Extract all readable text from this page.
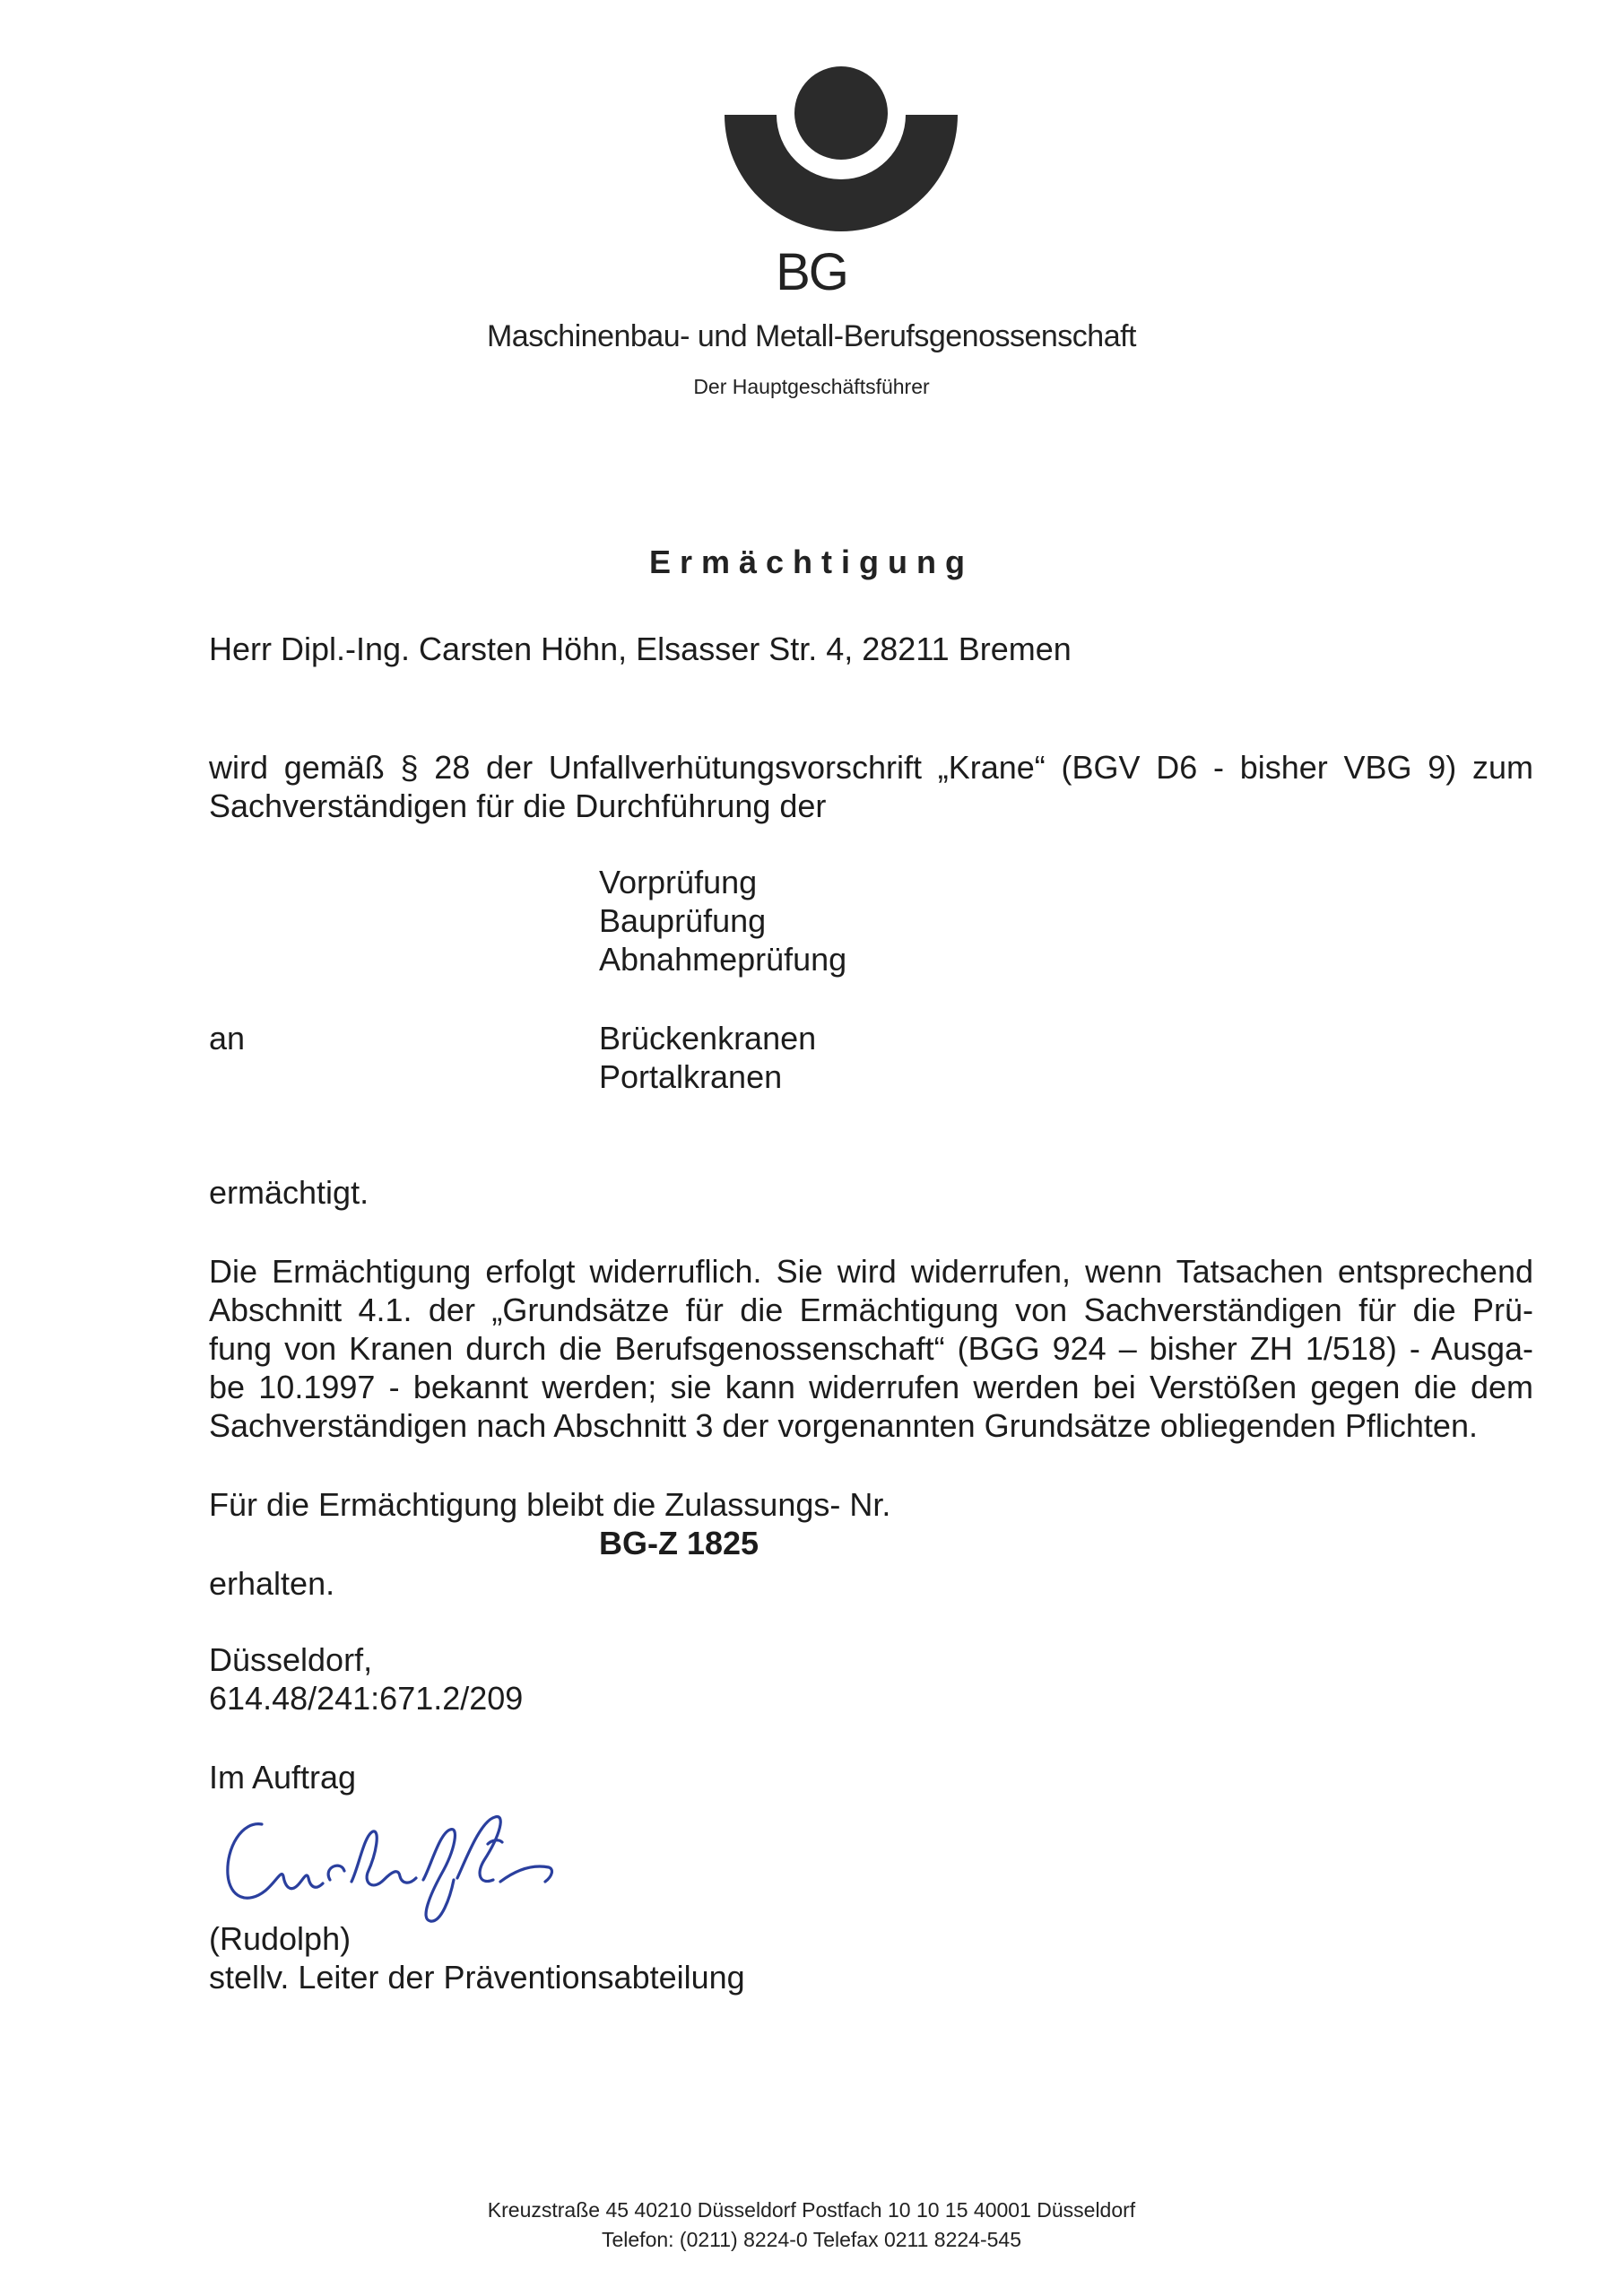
BG
Maschinenbau- und Metall-Berufsgenossenschaft
Der Hauptgeschäftsführer
Ermächtigung
Herr Dipl.-Ing. Carsten Höhn, Elsasser Str. 4, 28211 Bremen
wird gemäß § 28 der Unfallverhütungsvorschrift „Krane“ (BGV D6 - bisher VBG 9) zum
Sachverständigen für die Durchführung der
Vorprüfung
Bauprüfung
Abnahmeprüfung
an	Brückenkranen
Portalkranen
ermächtigt.
Die Ermächtigung erfolgt widerruflich. Sie wird widerrufen, wenn Tatsachen entsprechend
Abschnitt 4.1. der „Grundsätze für die Ermächtigung von Sachverständigen für die Prü-
fung von Kranen durch die Berufsgenossenschaft“ (BGG 924 – bisher ZH 1/518) - Ausga-
be 10.1997 - bekannt werden; sie kann widerrufen werden bei Verstößen gegen die dem
Sachverständigen nach Abschnitt 3 der vorgenannten Grundsätze obliegenden Pflichten.
Für die Ermächtigung bleibt die Zulassungs- Nr.
BG-Z 1825
erhalten.
Düsseldorf,
614.48/241:671.2/209
Im Auftrag
(Rudolph)
stellv. Leiter der Präventionsabteilung
Kreuzstraße 45 40210 Düsseldorf Postfach 10 10 15 40001 Düsseldorf
Telefon: (0211) 8224-0 Telefax 0211 8224-545
